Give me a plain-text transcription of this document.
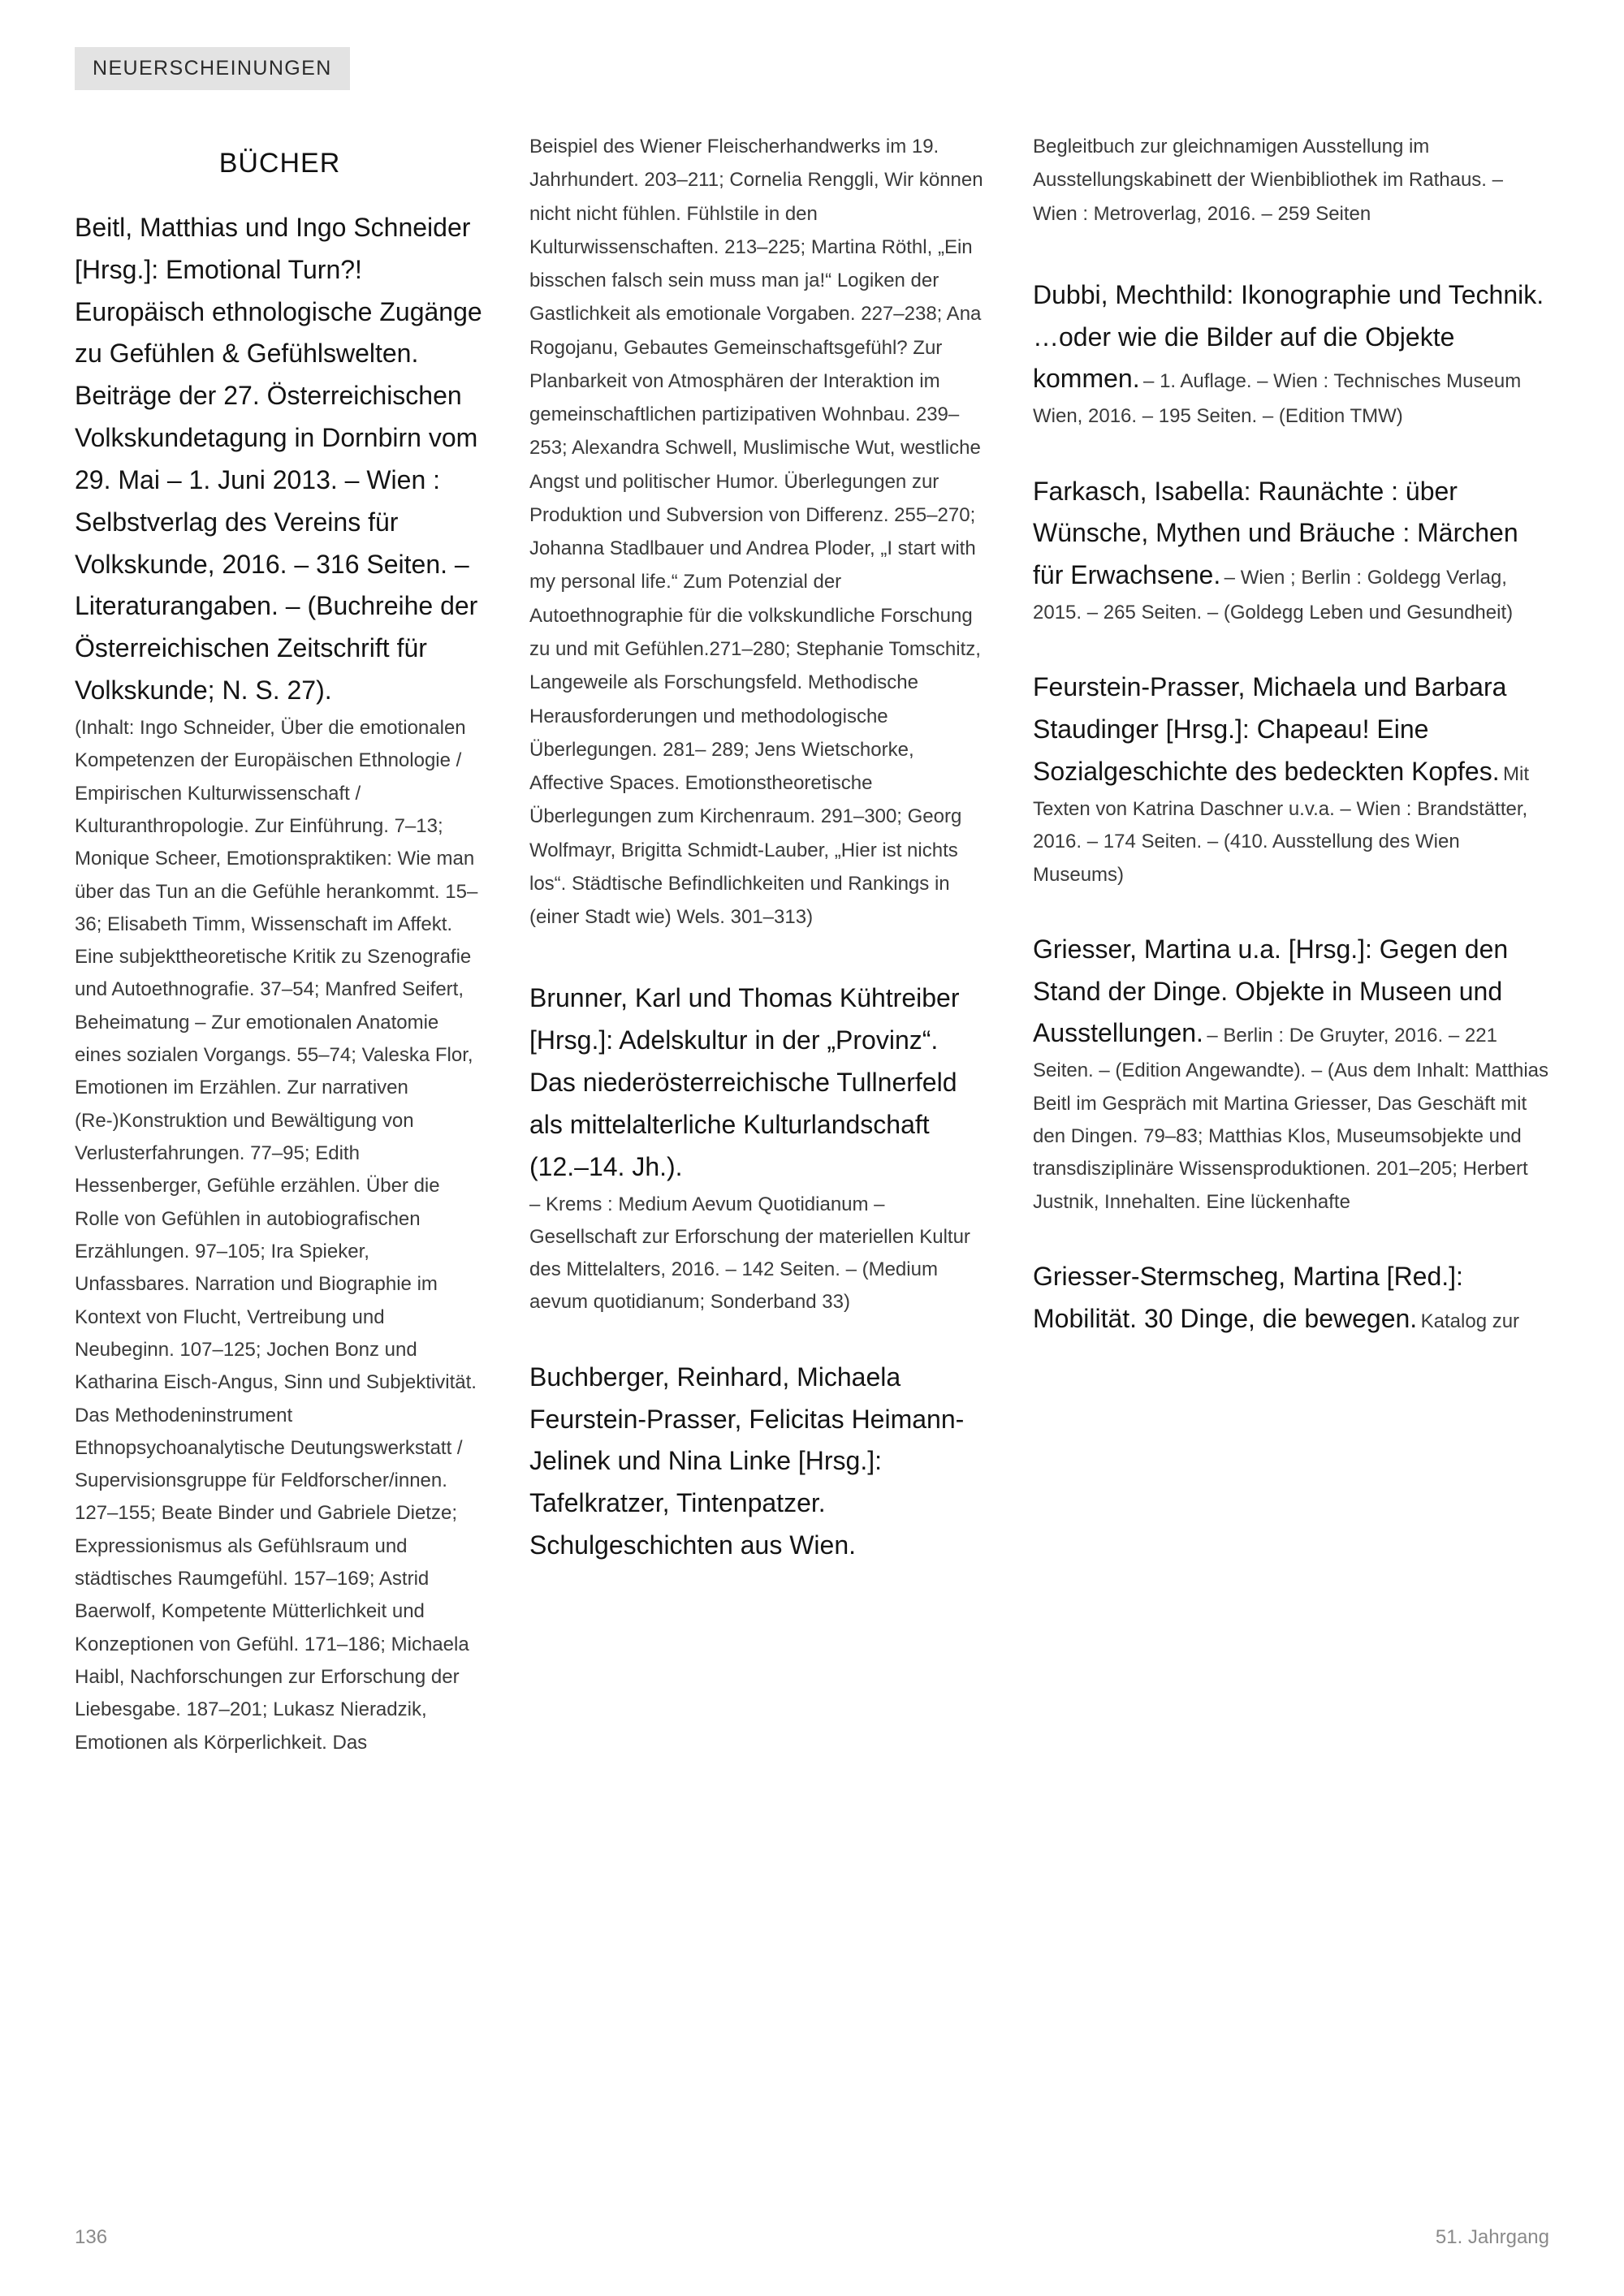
NEUERSCHEINUNGEN
BÜCHER
Beitl, Matthias und Ingo Schneider [Hrsg.]: Emotional Turn?! Europäisch ethnologische Zugänge zu Gefühlen & Gefühlswelten. Beiträge der 27. Österreichischen Volkskundetagung in Dornbirn vom 29. Mai – 1. Juni 2013. – Wien : Selbstverlag des Vereins für Volkskunde, 2016. – 316 Seiten. – Literaturangaben. – (Buchreihe der Österreichischen Zeitschrift für Volkskunde; N. S. 27).
(Inhalt: Ingo Schneider, Über die emotionalen Kompetenzen der Europäischen Ethnologie / Empirischen Kulturwissenschaft / Kulturanthropologie. Zur Einführung. 7–13; Monique Scheer, Emotionspraktiken: Wie man über das Tun an die Gefühle herankommt. 15–36; Elisabeth Timm, Wissenschaft im Affekt. Eine subjekttheoretische Kritik zu Szenografie und Autoethnografie. 37–54; Manfred Seifert, Beheimatung – Zur emotionalen Anatomie eines sozialen Vorgangs. 55–74; Valeska Flor, Emotionen im Erzählen. Zur narrativen (Re-)Konstruktion und Bewältigung von Verlusterfahrungen. 77–95; Edith Hessenberger, Gefühle erzählen. Über die Rolle von Gefühlen in autobiografischen Erzählungen. 97–105; Ira Spieker, Unfassbares. Narration und Biographie im Kontext von Flucht, Vertreibung und Neubeginn. 107–125; Jochen Bonz und Katharina Eisch-Angus, Sinn und Subjektivität. Das Methodeninstrument Ethnopsychoanalytische Deutungswerkstatt / Supervisionsgruppe für Feldforscher/innen. 127–155; Beate Binder und Gabriele Dietze; Expressionismus als Gefühlsraum und städtisches Raumgefühl. 157–169; Astrid Baerwolf, Kompetente Mütterlichkeit und Konzeptionen von Gefühl. 171–186; Michaela Haibl, Nachforschungen zur Erforschung der Liebesgabe. 187–201; Lukasz Nieradzik, Emotionen als Körperlichkeit. Das
Beispiel des Wiener Fleischerhandwerks im 19. Jahrhundert. 203–211; Cornelia Renggli, Wir können nicht nicht fühlen. Fühlstile in den Kulturwissenschaften. 213–225; Martina Röthl, „Ein bisschen falsch sein muss man ja!“ Logiken der Gastlichkeit als emotionale Vorgaben. 227–238; Ana Rogojanu, Gebautes Gemeinschaftsgefühl? Zur Planbarkeit von Atmosphären der Interaktion im gemeinschaftlichen partizipativen Wohnbau. 239–253; Alexandra Schwell, Muslimische Wut, westliche Angst und politischer Humor. Überlegungen zur Produktion und Subversion von Differenz. 255–270; Johanna Stadlbauer und Andrea Ploder, „I start with my personal life.“ Zum Potenzial der Autoethnographie für die volkskundliche Forschung zu und mit Gefühlen.271–280; Stephanie Tomschitz, Langeweile als Forschungsfeld. Methodische Herausforderungen und methodologische Überlegungen. 281– 289; Jens Wietschorke, Affective Spaces. Emotionstheoretische Überlegungen zum Kirchenraum. 291–300; Georg Wolfmayr, Brigitta Schmidt-Lauber, „Hier ist nichts los“. Städtische Befindlichkeiten und Rankings in (einer Stadt wie) Wels. 301–313)
Brunner, Karl und Thomas Kühtreiber [Hrsg.]: Adelskultur in der „Provinz“. Das niederösterreichische Tullnerfeld als mittelalterliche Kulturlandschaft (12.–14. Jh.).
– Krems : Medium Aevum Quotidianum – Gesellschaft zur Erforschung der materiellen Kultur des Mittelalters, 2016. – 142 Seiten. – (Medium aevum quotidianum; Sonderband 33)
Buchberger, Reinhard, Michaela Feurstein-Prasser, Felicitas Heimann-Jelinek und Nina Linke [Hrsg.]: Tafelkratzer, Tintenpatzer. Schulgeschichten aus Wien.
Begleitbuch zur gleichnamigen Ausstellung im Ausstellungskabinett der Wienbibliothek im Rathaus. – Wien : Metroverlag, 2016. – 259 Seiten
Dubbi, Mechthild: Ikonographie und Technik. …oder wie die Bilder auf die Objekte kommen. – 1. Auflage. – Wien : Technisches Museum Wien, 2016. – 195 Seiten. – (Edition TMW)
Farkasch, Isabella: Raunächte : über Wünsche, Mythen und Bräuche : Märchen für Erwachsene. – Wien ; Berlin : Goldegg Verlag, 2015. – 265 Seiten. – (Goldegg Leben und Gesundheit)
Feurstein-Prasser, Michaela und Barbara Staudinger [Hrsg.]: Chapeau! Eine Sozialgeschichte des bedeckten Kopfes. Mit Texten von Katrina Daschner u.v.a. – Wien : Brandstätter, 2016. – 174 Seiten. – (410. Ausstellung des Wien Museums)
Griesser, Martina u.a. [Hrsg.]: Gegen den Stand der Dinge. Objekte in Museen und Ausstellungen. – Berlin : De Gruyter, 2016. – 221 Seiten. – (Edition Angewandte). – (Aus dem Inhalt: Matthias Beitl im Gespräch mit Martina Griesser, Das Geschäft mit den Dingen. 79–83; Matthias Klos, Museumsobjekte und transdisziplinäre Wissensproduktionen. 201–205; Herbert Justnik, Innehalten. Eine lückenhafte
Griesser-Stermscheg, Martina [Red.]: Mobilität. 30 Dinge, die bewegen. Katalog zur
136	51. Jahrgang
